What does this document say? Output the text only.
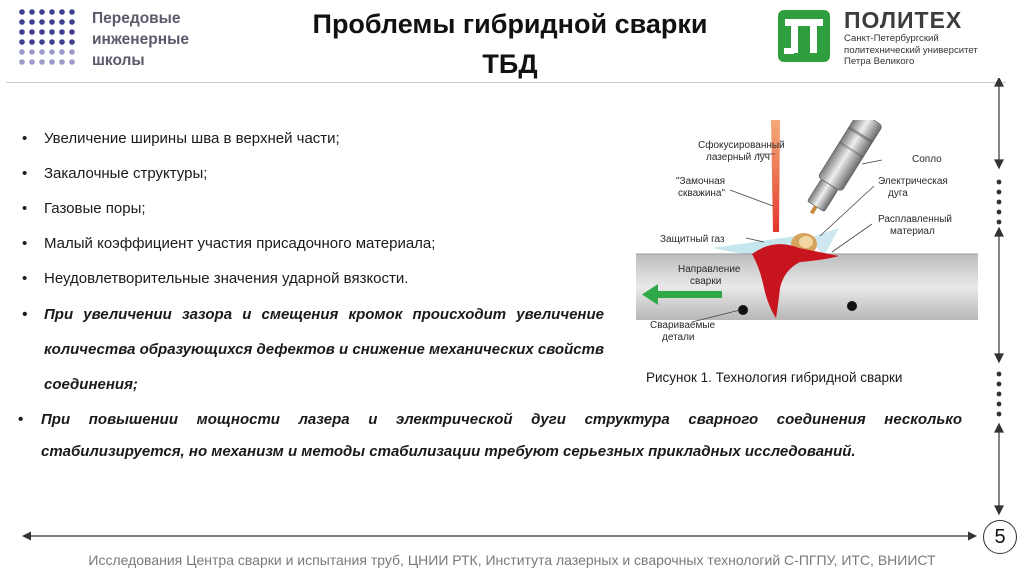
Передовые
инженерные
школы
Проблемы гибридной сварки
ТБД
ПОЛИТЕХ
Санкт-Петербургский
политехнический университет
Петра Великого
• Увеличение ширины шва в верхней части;
• Закалочные структуры;
• Газовые поры;
• Малый коэффициент участия присадочного материала;
• Неудовлетворительные значения ударной вязкости.
• При увеличении зазора и смещения кромок происходит увеличение количества образующихся дефектов и снижение механических свойств соединения;
• При повышении мощности лазера и электрической дуги структура сварного соединения несколько стабилизируется, но механизм и методы стабилизации требуют серьезных прикладных исследований.
Сфокусированный
лазерный луч
"Замочная
скважина"
Защитный газ
Сопло
Электрическая
дуга
Расплавленный
материал
Направление
сварки
Свариваемые
детали
Рисунок 1. Технология гибридной сварки
5
Исследования Центра сварки и испытания труб, ЦНИИ РТК, Института лазерных и сварочных технологий С-ПГПУ, ИТС, ВНИИСТ
